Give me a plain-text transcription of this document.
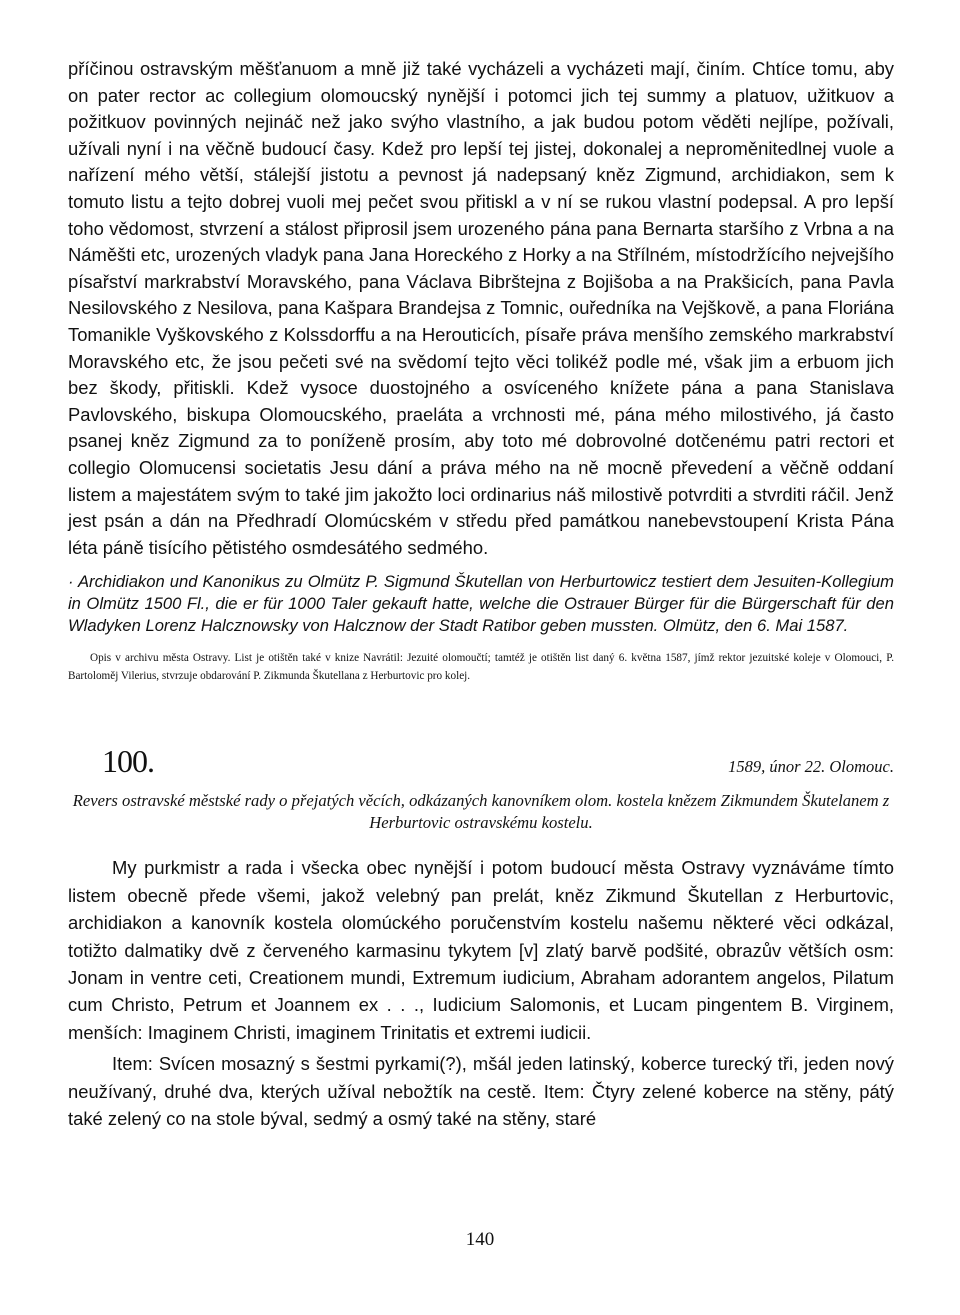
příčinou ostravským měšťanuom a mně již také vycházeli a vycházeti mají, činím. Chtíce tomu, aby on pater rector ac collegium olomoucský nynější i potomci jich tej summy a platuov, užitkuov a požitkuov povinných nejináč než jako svýho vlastního, a jak budou potom věděti nejlípe, požívali, užívali nyní i na věčně budoucí časy. Kdež pro lepší tej jistej, dokonalej a neproměnitedlnej vuole a nařízení mého větší, stálejší jistotu a pevnost já nadepsaný kněz Zigmund, archidiakon, sem k tomuto listu a tejto dobrej vuoli mej pečet svou přitiskl a v ní se rukou vlastní podepsal. A pro lepší toho vědomost, stvrzení a stálost připrosil jsem urozeného pána pana Bernarta staršího z Vrbna a na Náměšti etc, urozených vladyk pana Jana Horeckého z Horky a na Střílném, místodržícího nejvejšího písařství markrabství Moravského, pana Václava Bibrštejna z Bojišoba a na Prakšicích, pana Pavla Nesilovského z Nesilova, pana Kašpara Brandejsa z Tomnic, ouředníka na Vejškově, a pana Floriána Tomanikle Vyškovského z Kolssdorffu a na Herouticích, písaře práva menšího zemského markrabství Moravského etc, že jsou pečeti své na svědomí tejto věci tolikéž podle mé, však jim a erbuom jich bez škody, přitiskli. Kdež vysoce duostojného a osvíceného knížete pána a pana Stanislava Pavlovského, biskupa Olomoucského, praeláta a vrchnosti mé, pána mého milostivého, já často psanej kněz Zigmund za to poníženě prosím, aby toto mé dobrovolné dotčenému patri rectori et collegio Olomucensi societatis Jesu dání a práva mého na ně mocně převedení a věčně oddaní listem a majestátem svým to také jim jakožto loci ordinarius náš milostivě potvrditi a stvrditi ráčil. Jenž jest psán a dán na Předhradí Olomúcském v středu před památkou nanebevstoupení Krista Pána léta páně tisícího pětistého osmdesátého sedmého.

· Archidiakon und Kanonikus zu Olmütz P. Sigmund Škutellan von Herburtowicz testiert dem Jesuiten-Kollegium in Olmütz 1500 Fl., die er für 1000 Taler gekauft hatte, welche die Ostrauer Bürger für die Bürgerschaft für den Wladyken Lorenz Halcznowsky von Halcznow der Stadt Ratibor geben mussten. Olmütz, den 6. Mai 1587.

Opis v archivu města Ostravy. List je otištěn také v knize Navrátil: Jezuité olomoučtí; tamtéž je otištěn list daný 6. května 1587, jímž rektor jezuitské koleje v Olomouci, P. Bartoloměj Vilerius, stvrzuje obdarování P. Zikmunda Škutellana z Herburtovic pro kolej.

100.	1589, únor 22. Olomouc.

Revers ostravské městské rady o přejatých věcích, odkázaných kanovníkem olom. kostela knězem Zikmundem Škutelanem z Herburtovic ostravskému kostelu.

My purkmistr a rada i všecka obec nynější i potom budoucí města Ostravy vyznáváme tímto listem obecně přede všemi, jakož velebný pan prelát, kněz Zikmund Škutellan z Herburtovic, archidiakon a kanovník kostela olomúckého poručenstvím kostelu našemu některé věci odkázal, totižto dalmatiky dvě z červeného karmasinu tykytem [v] zlatý barvě podšité, obrazův větších osm: Jonam in ventre ceti, Creationem mundi, Extremum iudicium, Abraham adorantem angelos, Pilatum cum Christo, Petrum et Joannem ex . . ., Iudicium Salomonis, et Lucam pingentem B. Virginem, menších: Imaginem Christi, imaginem Trinitatis et extremi iudicii.

Item: Svícen mosazný s šestmi pyrkami(?), mšál jeden latinský, koberce turecký tři, jeden nový neužívaný, druhé dva, kterých užíval nebožtík na cestě. Item: Čtyry zelené koberce na stěny, pátý také zelený co na stole býval, sedmý a osmý také na stěny, staré

140
